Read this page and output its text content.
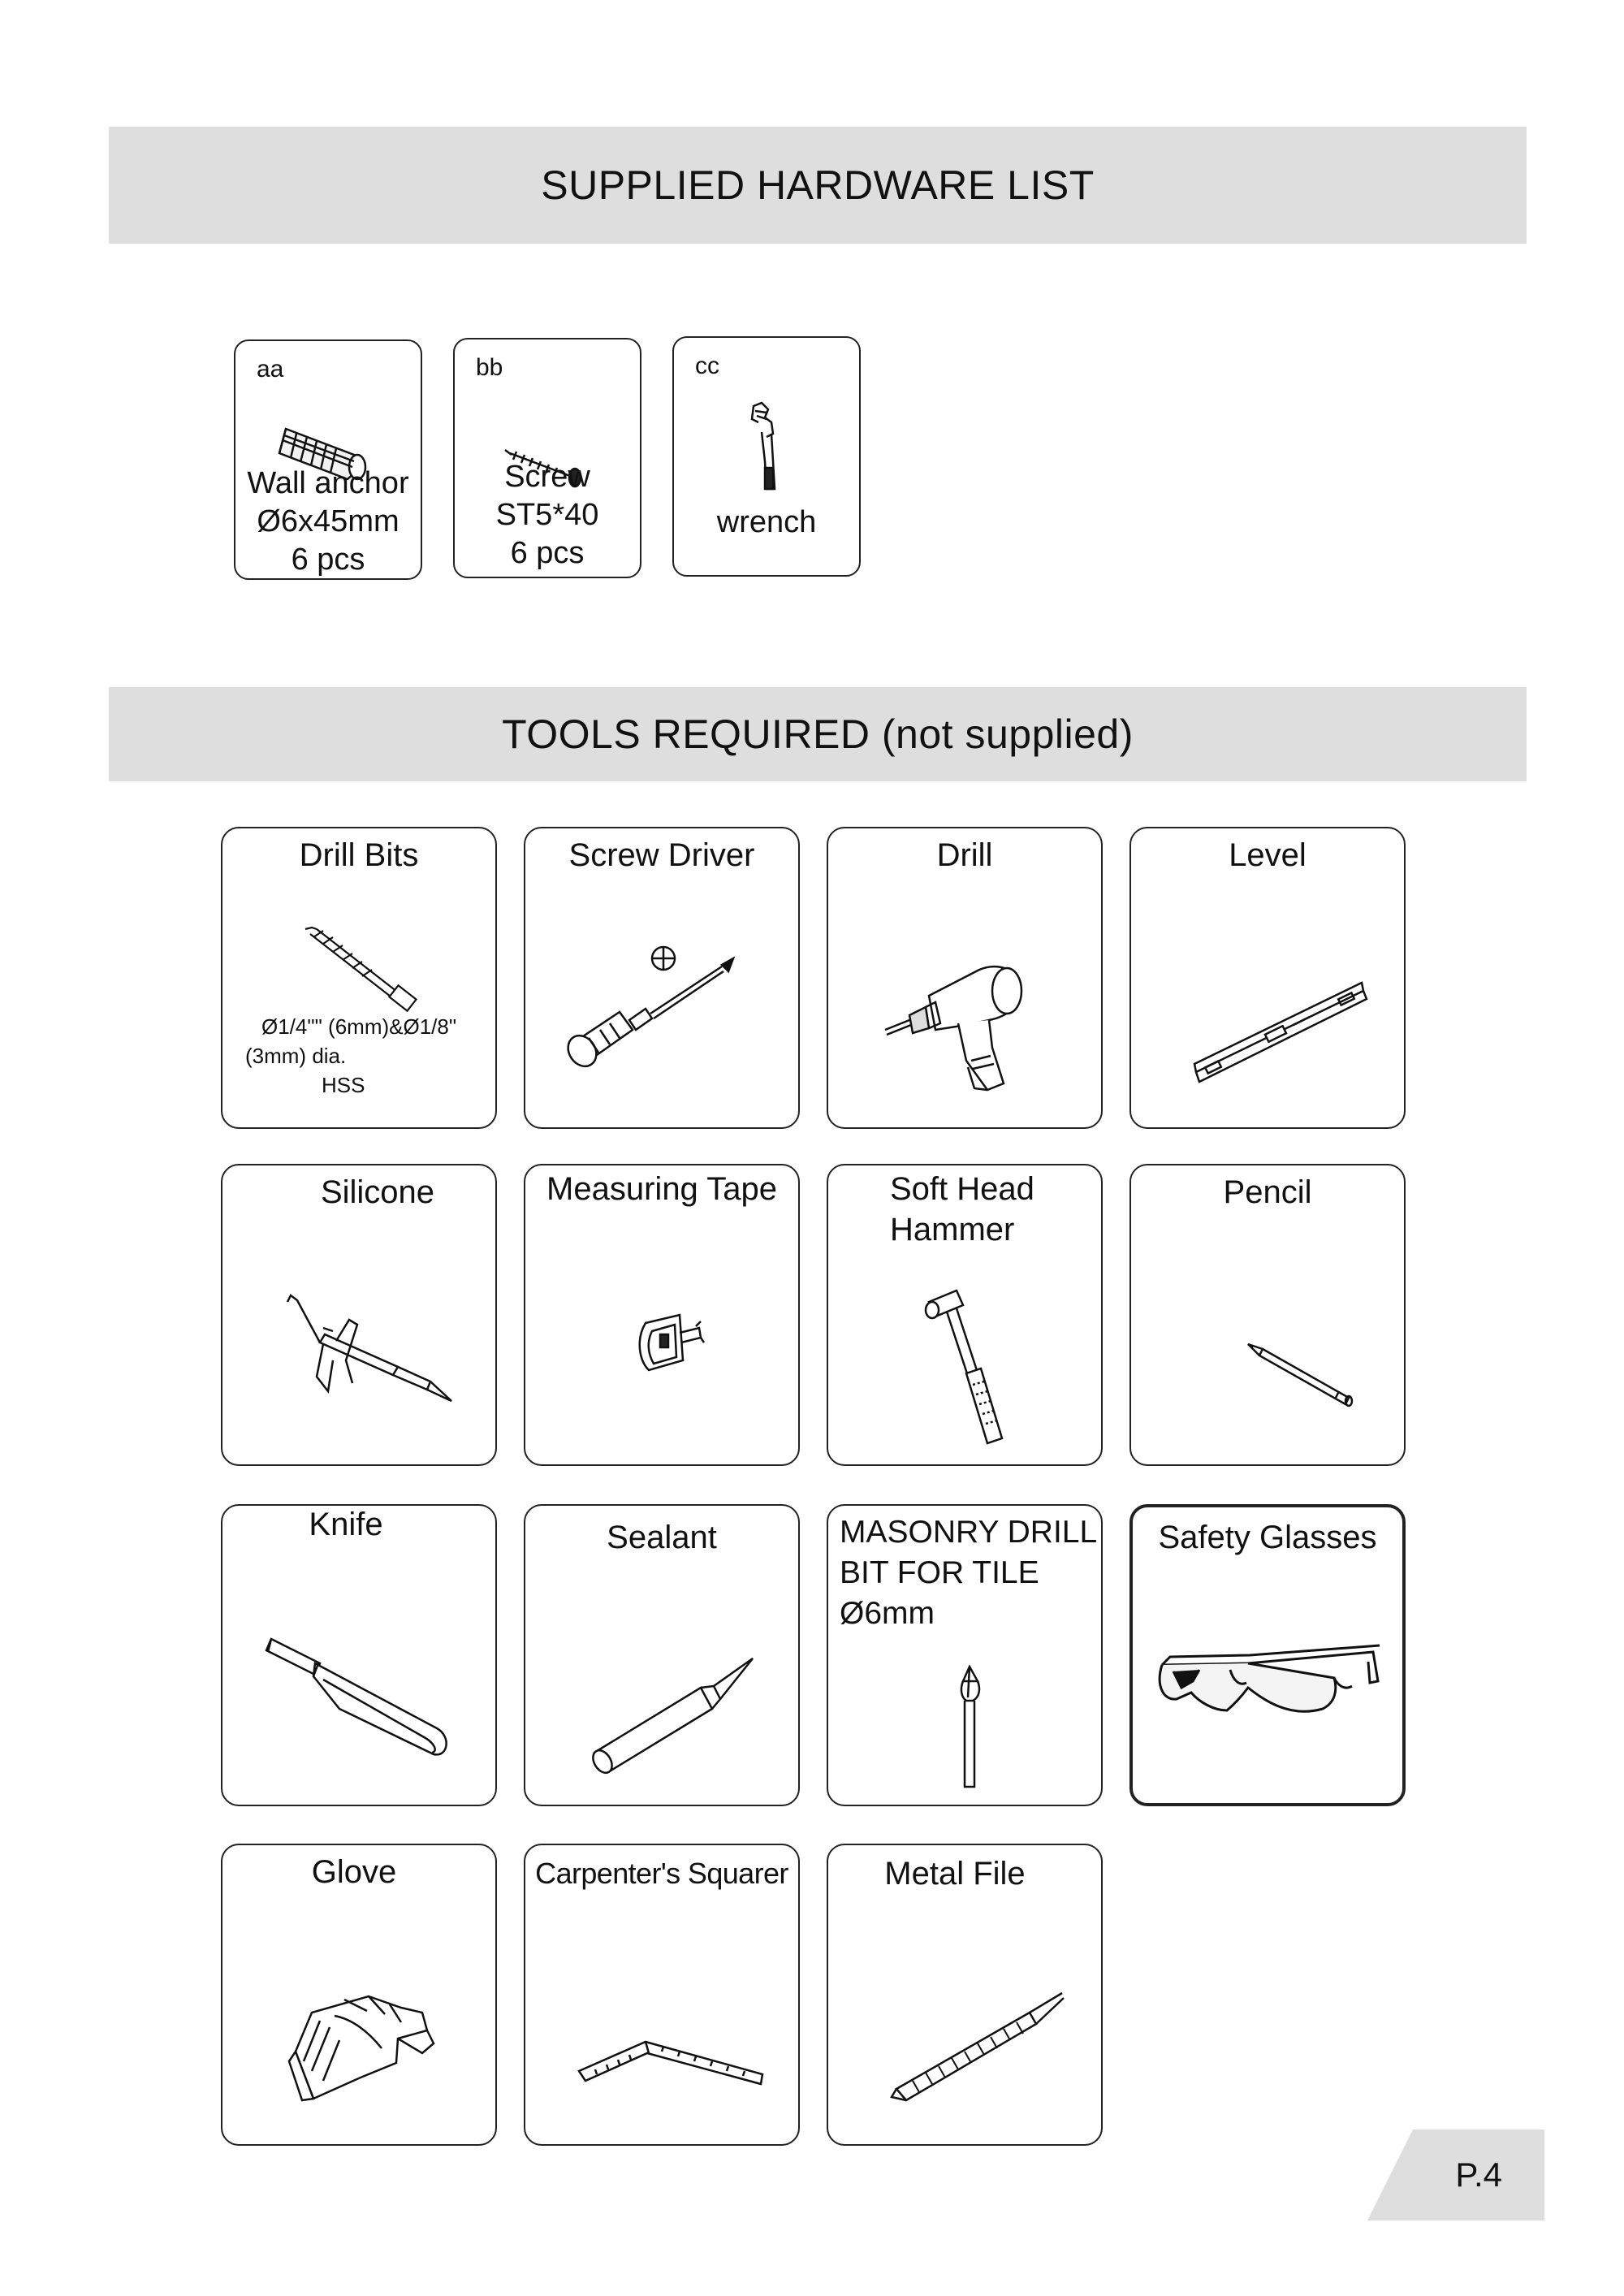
SUPPLIED HARDWARE LIST
TOOLS REQUIRED (not supplied)
aa
Wall anchor
Ø6x45mm
6 pcs
bb
Screw
ST5*40
6 pcs
cc
wrench
Drill Bits
Ø1/4"" (6mm)&Ø1/8"
(3mm) dia.
HSS
Screw Driver	Drill	Level
Silicone	Measuring Tape	Soft Head
Hammer
Pencil
Knife	Sealant	MASONRY DRILL
BIT FOR TILE
Ø6mm
Safety Glasses
Glove	Carpenter's Squarer	Metal File
P.4
